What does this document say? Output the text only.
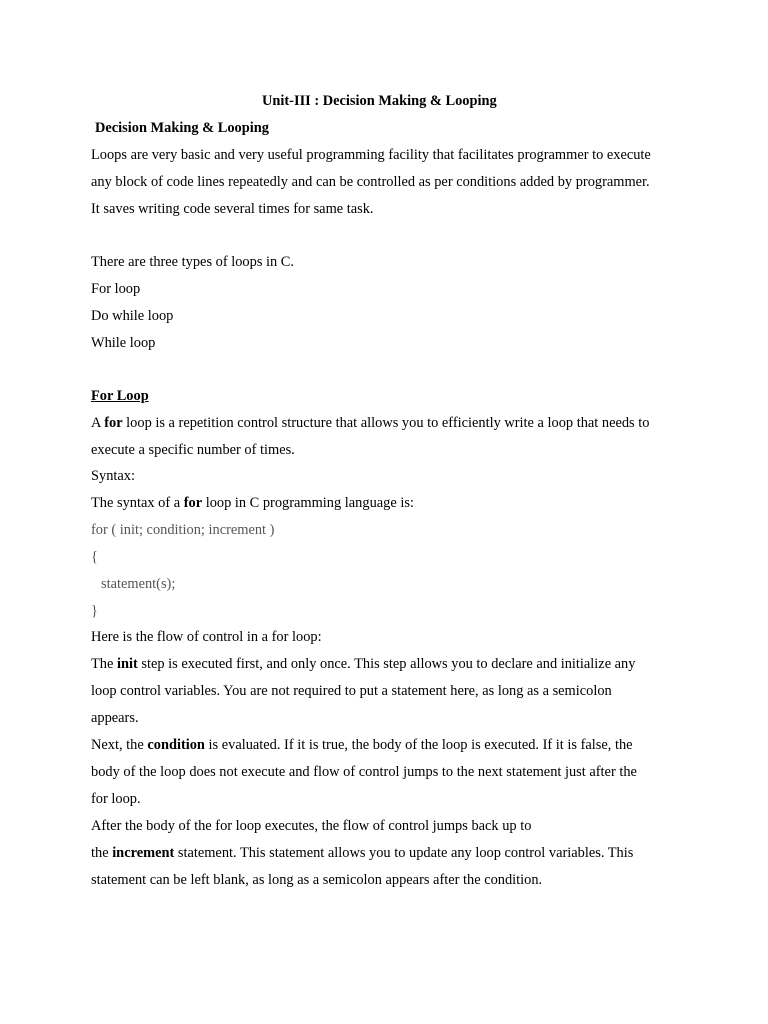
Unit-III : Decision Making & Looping
Decision Making & Looping
Loops are very basic and very useful programming facility that facilitates programmer to execute
any block of code lines repeatedly and can be controlled as per conditions added by programmer.
It saves writing code several times for same task.
There are three types of loops in C.
For loop
Do while loop
While loop
For Loop
A for loop is a repetition control structure that allows you to efficiently write a loop that needs to
execute a specific number of times.
Syntax:
The syntax of a for loop in C programming language is:
for ( init; condition; increment )
{
statement(s);
}
Here is the flow of control in a for loop:
The init step is executed first, and only once. This step allows you to declare and initialize any
loop control variables. You are not required to put a statement here, as long as a semicolon
appears.
Next, the condition is evaluated. If it is true, the body of the loop is executed. If it is false, the
body of the loop does not execute and flow of control jumps to the next statement just after the
for loop.
After the body of the for loop executes, the flow of control jumps back up to
the increment statement. This statement allows you to update any loop control variables. This
statement can be left blank, as long as a semicolon appears after the condition.
